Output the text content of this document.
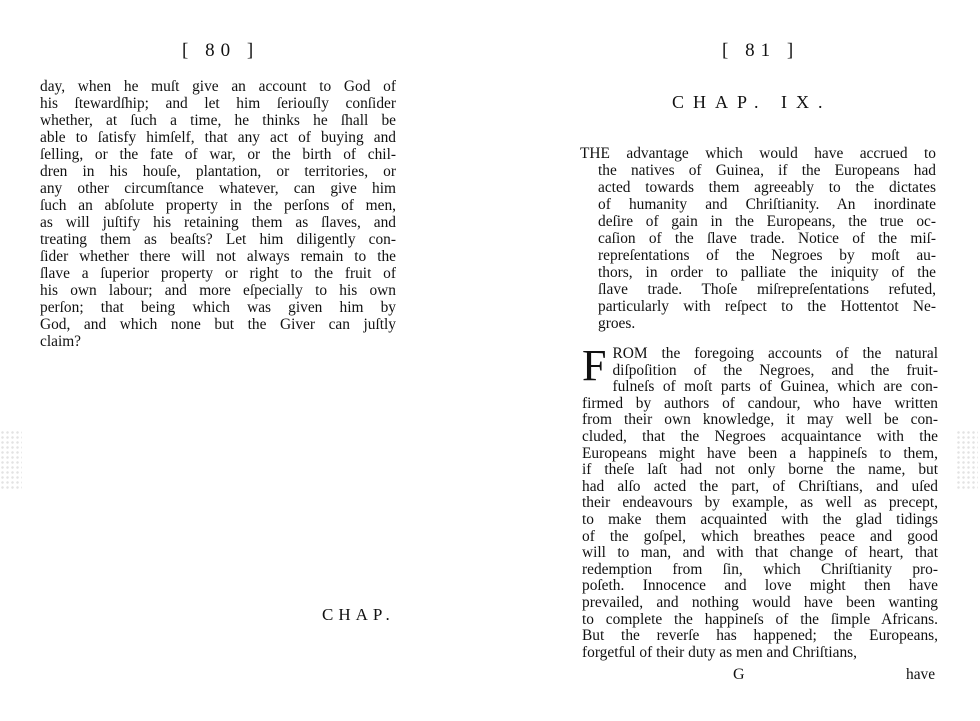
[ 80 ]
day, when he muſt give an account to God of
his ſtewardſhip; and let him ſeriouſly conſider
whether, at ſuch a time, he thinks he ſhall be
able to ſatisfy himſelf, that any act of buying and
ſelling, or the fate of war, or the birth of chil-
dren in his houſe, plantation, or territories, or
any other circumſtance whatever, can give him
ſuch an abſolute property in the perſons of men,
as will juſtify his retaining them as ſlaves, and
treating them as beaſts? Let him diligently con-
ſider whether there will not always remain to the
ſlave a ſuperior property or right to the fruit of
his own labour; and more eſpecially to his own
perſon; that being which was given him by
God, and which none but the Giver can juſtly
claim?
CHAP.
[ 81 ]
CHAP. IX.
THE advantage which would have accrued to
the natives of Guinea, if the Europeans had
acted towards them agreeably to the dictates
of humanity and Chriſtianity. An inordinate
deſire of gain in the Europeans, the true oc-
caſion of the ſlave trade. Notice of the miſ-
repreſentations of the Negroes by moſt au-
thors, in order to palliate the iniquity of the
ſlave trade. Thoſe miſrepreſentations refuted,
particularly with reſpect to the Hottentot Ne-
groes.
F ROM the foregoing accounts of the natural
diſpoſition of the Negroes, and the fruit-
fulneſs of moſt parts of Guinea, which are con-
firmed by authors of candour, who have written
from their own knowledge, it may well be con-
cluded, that the Negroes acquaintance with the
Europeans might have been a happineſs to them,
if theſe laſt had not only borne the name, but
had alſo acted the part, of Chriſtians, and uſed
their endeavours by example, as well as precept,
to make them acquainted with the glad tidings
of the goſpel, which breathes peace and good
will to man, and with that change of heart, that
redemption from ſin, which Chriſtianity pro-
poſeth. Innocence and love might then have
prevailed, and nothing would have been wanting
to complete the happineſs of the ſimple Africans.
But the reverſe has happened; the Europeans,
forgetful of their duty as men and Chriſtians,
G	have
